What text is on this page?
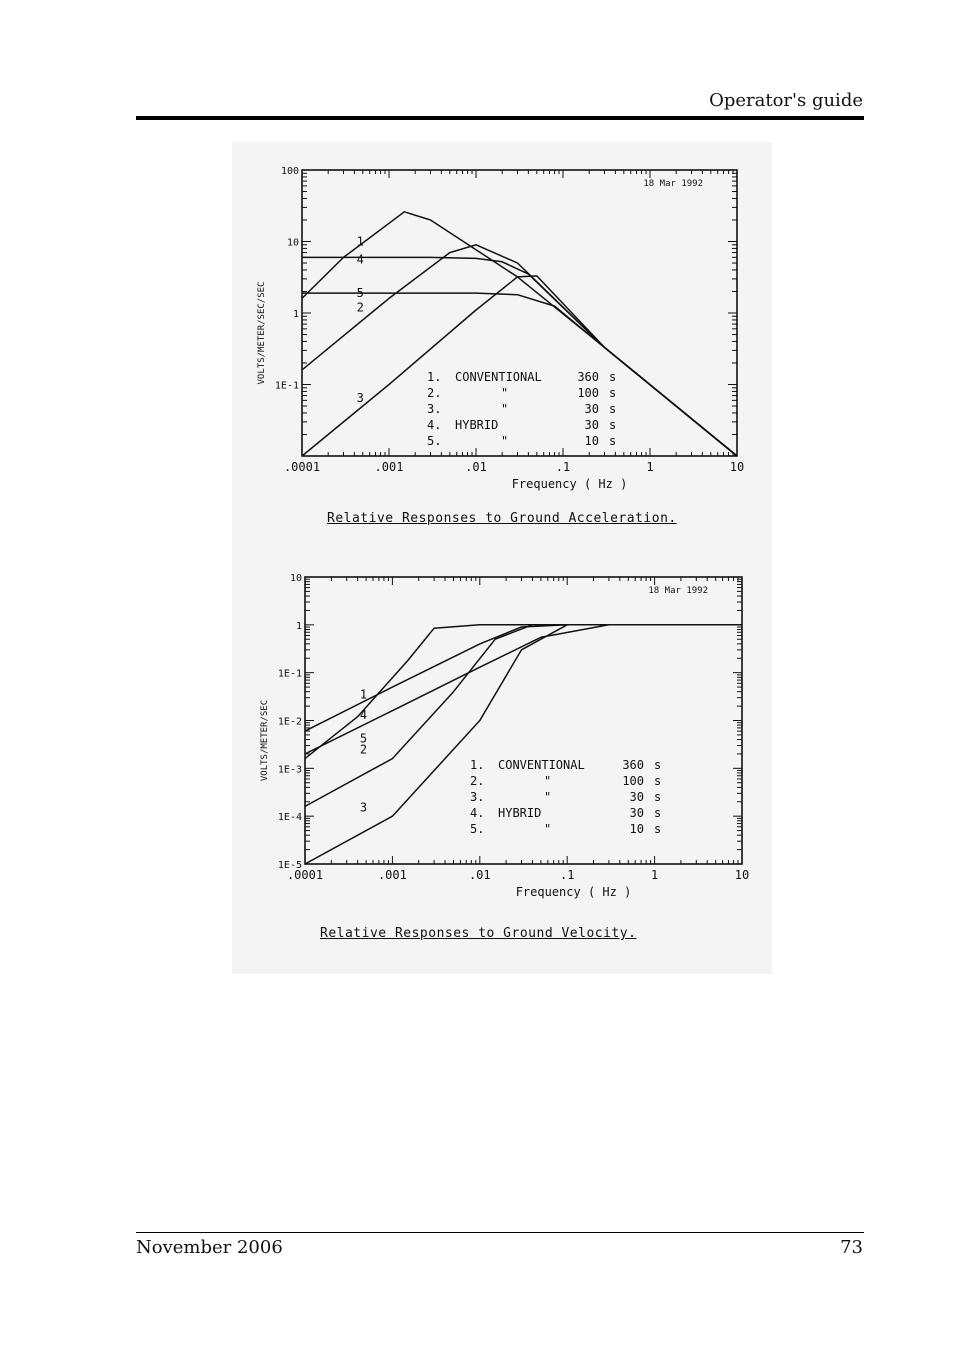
Operator's guide
.0001	.001	.01	.1	1	10
100
10
1
1E-1
Frequency ( Hz )
VOLTS/METER/SEC/SEC
18 Mar 1992
1
4
5
2
3
1. CONVENTIONAL	360 s
2.	"	100 s
3.	"	30 s
4. HYBRID	30 s
5.	"	10 s
Relative Responses to Ground Acceleration.
.0001	.001	.01	.1	1	10
10
1
1E-1
1E-2
1E-3
1E-4
1E-5
Frequency ( Hz )
VOLTS/METER/SEC
18 Mar 1992
1
4
5
2
3
1. CONVENTIONAL	360 s
2.	"	100 s
3.	"	30 s
4. HYBRID	30 s
5.	"	10 s
Relative Responses to Ground Velocity.
November 2006	73
